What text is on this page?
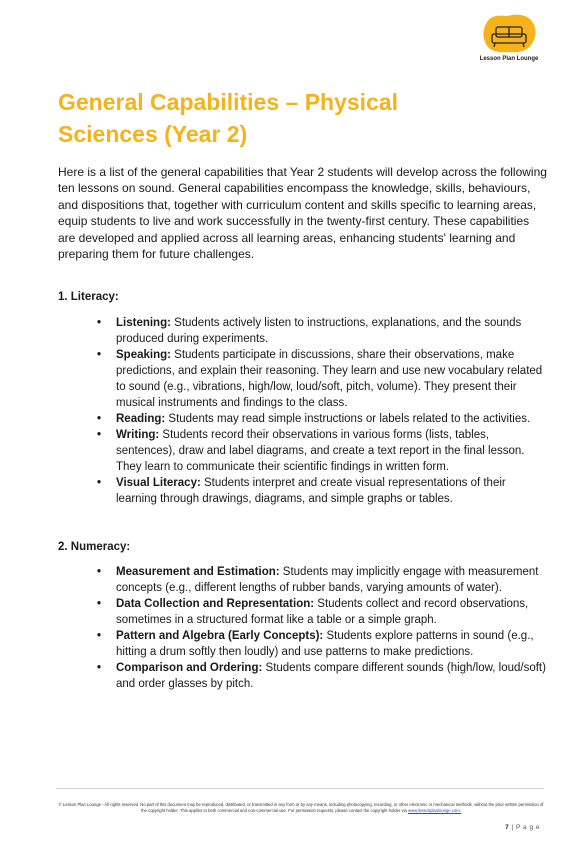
Lesson Plan Lounge
General Capabilities – Physical Sciences (Year 2)

Here is a list of the general capabilities that Year 2 students will develop across the following ten lessons on sound. General capabilities encompass the knowledge, skills, behaviours, and dispositions that, together with curriculum content and skills specific to learning areas, equip students to live and work successfully in the twenty-first century. These capabilities are developed and applied across all learning areas, enhancing students' learning and preparing them for future challenges.

1. Literacy:
• Listening: Students actively listen to instructions, explanations, and the sounds produced during experiments.
• Speaking: Students participate in discussions, share their observations, make predictions, and explain their reasoning. They learn and use new vocabulary related to sound (e.g., vibrations, high/low, loud/soft, pitch, volume). They present their musical instruments and findings to the class.
• Reading: Students may read simple instructions or labels related to the activities.
• Writing: Students record their observations in various forms (lists, tables, sentences), draw and label diagrams, and create a text report in the final lesson. They learn to communicate their scientific findings in written form.
• Visual Literacy: Students interpret and create visual representations of their learning through drawings, diagrams, and simple graphs or tables.
2. Numeracy:
• Measurement and Estimation: Students may implicitly engage with measurement concepts (e.g., different lengths of rubber bands, varying amounts of water).
• Data Collection and Representation: Students collect and record observations, sometimes in a structured format like a table or a simple graph.
• Pattern and Algebra (Early Concepts): Students explore patterns in sound (e.g., hitting a drum softly then loudly) and use patterns to make predictions.
• Comparison and Ordering: Students compare different sounds (high/low, loud/soft) and order glasses by pitch.
© Lesson Plan Lounge - All rights reserved. No part of this document may be reproduced, distributed, or transmitted in any form or by any means, including photocopying, recording, or other electronic or mechanical methods, without the prior written permission of the copyright holder. This applies to both commercial and non-commercial use. For permission requests, please contact the copyright holder via www.lessonplanlounge.com.
7 | P a g e
